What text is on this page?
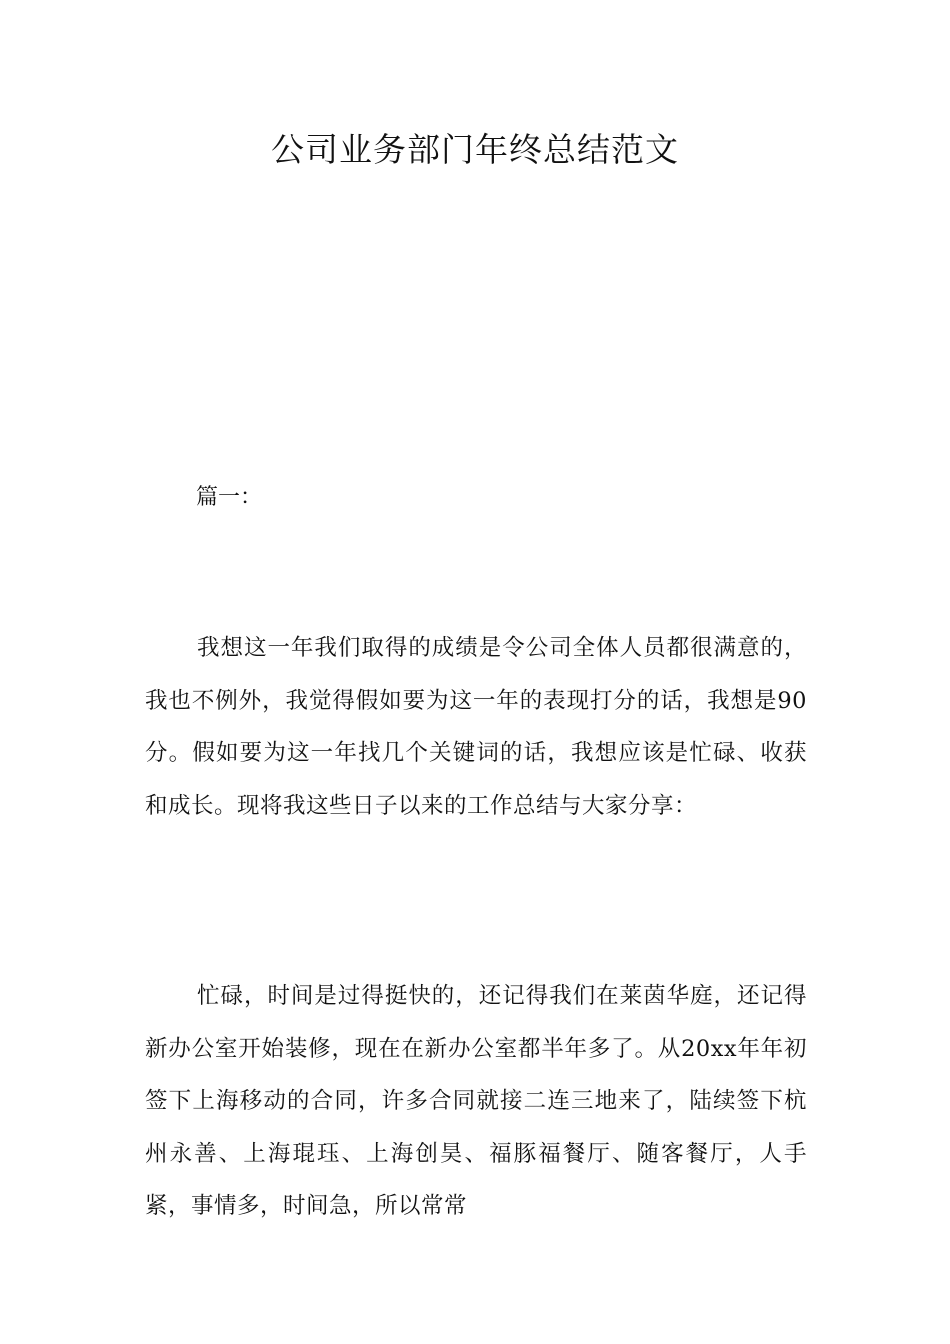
公司业务部门年终总结范文
篇一：

我想这一年我们取得的成绩是令公司全体人员都很满意的，我也不例外，我觉得假如要为这一年的表现打分的话，我想是90分。假如要为这一年找几个关键词的话，我想应该是忙碌、收获和成长。现将我这些日子以来的工作总结与大家分享：

忙碌，时间是过得挺快的，还记得我们在莱茵华庭，还记得新办公室开始装修，现在在新办公室都半年多了。从20xx年年初签下上海移动的合同，许多合同就接二连三地来了，陆续签下杭州永善、上海琨珏、上海创昊、福豚福餐厅、随客餐厅，人手紧，事情多，时间急，所以常常
